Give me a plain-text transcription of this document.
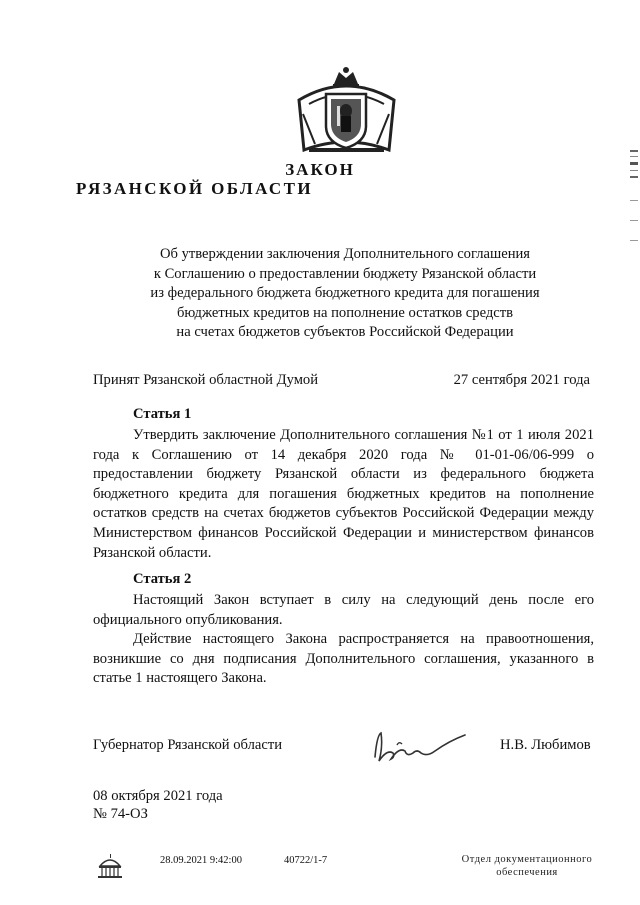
ЗАКОН
РЯЗАНСКОЙ ОБЛАСТИ
Об утверждении заключения Дополнительного соглашения
к Соглашению о предоставлении бюджету Рязанской области
из федерального бюджета бюджетного кредита для погашения
бюджетных кредитов на пополнение остатков средств
на счетах бюджетов субъектов Российской Федерации
Принят Рязанской областной Думой	27 сентября 2021 года
Статья 1
Утвердить заключение Дополнительного соглашения №1 от 1 июля 2021 года к Соглашению от 14 декабря 2020 года № 01-01-06/06-999 о предоставлении бюджету Рязанской области из федерального бюджета бюджетного кредита для погашения бюджетных кредитов на пополнение остатков средств на счетах бюджетов субъектов Российской Федерации между Министерством финансов Российской Федерации и министерством финансов Рязанской области.
Статья 2
Настоящий Закон вступает в силу на следующий день после его официального опубликования.
Действие настоящего Закона распространяется на правоотношения, возникшие со дня подписания Дополнительного соглашения, указанного в статье 1 настоящего Закона.
Губернатор Рязанской области	Н.В. Любимов
08 октября 2021 года
№ 74-ОЗ
28.09.2021 9:42:00	40722/1-7	Отдел документационного
обеспечения
